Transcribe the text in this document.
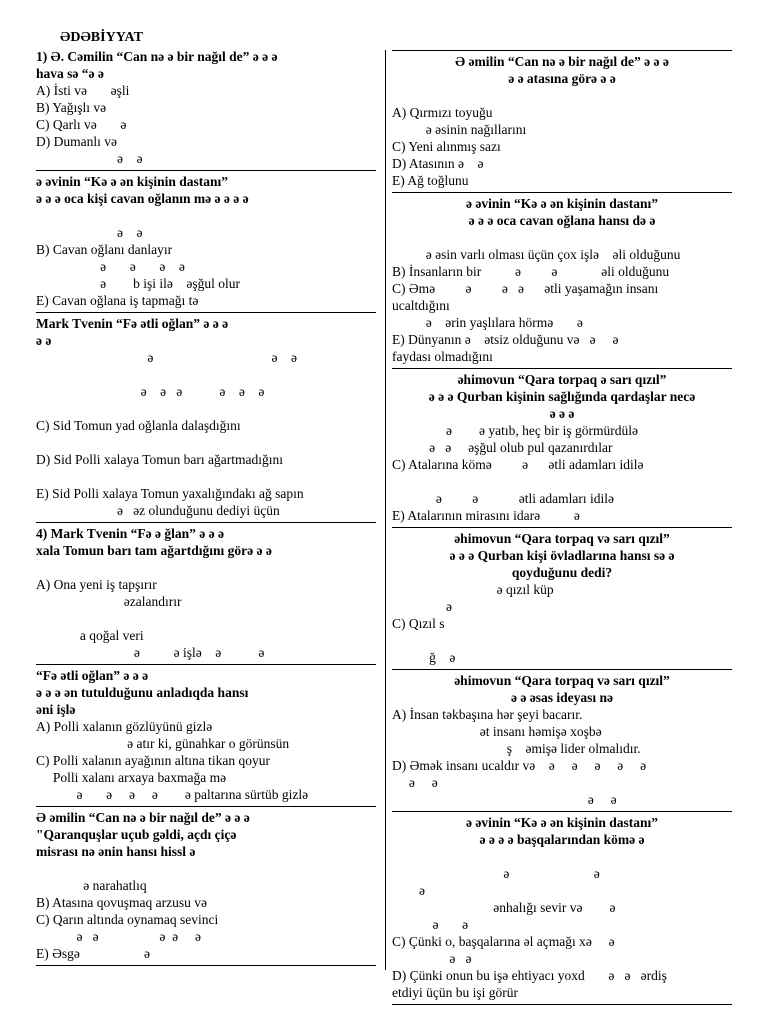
ƏDƏBİYYAT
1) Ə. Cəmilin “Can nə ə bir nağıl de” ə ə ə
hava sə “ə ə
A) İsti və       əşli
B) Yağışlı və
C) Qarlı və       ə
D) Dumanlı və
ə    ə
ə əvinin “Kə ə ən kişinin dastanı”
ə ə ə oca kişi cavan oğlanın mə ə ə ə ə

ə    ə
B) Cavan oğlanı danlayır
ə       ə       ə    ə
ə        b işi ilə    əşğul olur
E) Cavan oğlana iş tapmağı tə
Mark Tvenin “Fə ətli oğlan” ə ə ə
ə ə
ə                                   ə    ə

ə    ə   ə           ə    ə    ə

C) Sid Tomun yad oğlanla dalaşdığını

D) Sid Polli xalaya Tomun barı ağartmadığını

E) Sid Polli xalaya Tomun yaxalığındakı ağ sapın
ə   əz olunduğunu dediyi üçün
4) Mark Tvenin “Fə ə ğlan” ə ə ə
xala Tomun barı tam ağartdığını görə ə ə

A) Ona yeni iş tapşırır
əzalandırır

a qoğal veri
ə          ə işlə    ə           ə
“Fə ətli oğlan” ə ə ə
ə ə ə ən tutulduğunu anladıqda hansı
əni işlə
A) Polli xalanın gözlüyünü gizlə
ə atır ki, günahkar o görünsün
C) Polli xalanın ayağının altına tikan qoyur
Polli xalanı arxaya baxmağa mə
ə       ə     ə     ə        ə paltarına sürtüb gizlə
Ə əmilin “Can nə ə bir nağıl de” ə ə ə
"Qaranquşlar uçub gəldi, açdı çiçə
misrası nə ənin hansı hissl ə

ə narahatlıq
B) Atasına qovuşmaq arzusu və
C) Qarın altında oynamaq sevinci
ə   ə                  ə  ə     ə
E) Əsgə                   ə
Ə əmilin “Can nə ə bir nağıl de” ə ə ə
ə ə atasına görə ə ə

A) Qırmızı toyuğu
ə əsinin nağıllarını
C) Yeni alınmış sazı
D) Atasının ə    ə
E) Ağ toğlunu
ə əvinin “Kə ə ən kişinin dastanı”
ə ə ə oca cavan oğlana hansı də ə

ə əsin varlı olması üçün çox işlə    əli olduğunu
B) İnsanların bir          ə         ə             əli olduğunu
C) Əmə         ə         ə   ə      ətli yaşamağın insanı
ucaltdığını
ə    ərin yaşlılara hörmə       ə
E) Dünyanın ə    ətsiz olduğunu və   ə     ə
faydası olmadığını
əhimovun “Qara torpaq ə sarı qızıl”
ə ə ə Qurban kişinin sağlığında qardaşlar necə
ə ə ə
ə        ə yatıb, heç bir iş görmürdülə
ə   ə     əşğul olub pul qazanırdılar
C) Atalarına kömə         ə      ətli adamları idilə

ə         ə            ətli adamları idilə
E) Atalarının mirasını idarə          ə
əhimovun “Qara torpaq və sarı qızıl”
ə ə ə Qurban kişi övladlarına hansı sə ə
qoyduğunu dedi?
ə qızıl küp
ə
C) Qızıl s

ğ    ə
əhimovun “Qara torpaq və sarı qızıl”
ə ə əsas ideyası nə
A) İnsan təkbaşına hər şeyi bacarır.
ət insanı həmişə xoşbə
ş    əmişə lider olmalıdır.
D) Əmək insanı ucaldır və    ə     ə     ə     ə     ə
ə     ə
ə     ə
ə əvinin “Kə ə ən kişinin dastanı”
ə ə ə ə başqalarından kömə ə

ə                         ə
ə
ənhalığı sevir və        ə
ə       ə
C) Çünki o, başqalarına əl açmağı xə     ə
ə   ə
D) Çünki onun bu işə ehtiyacı yoxd       ə   ə   ərdiş
etdiyi üçün bu işi görür
